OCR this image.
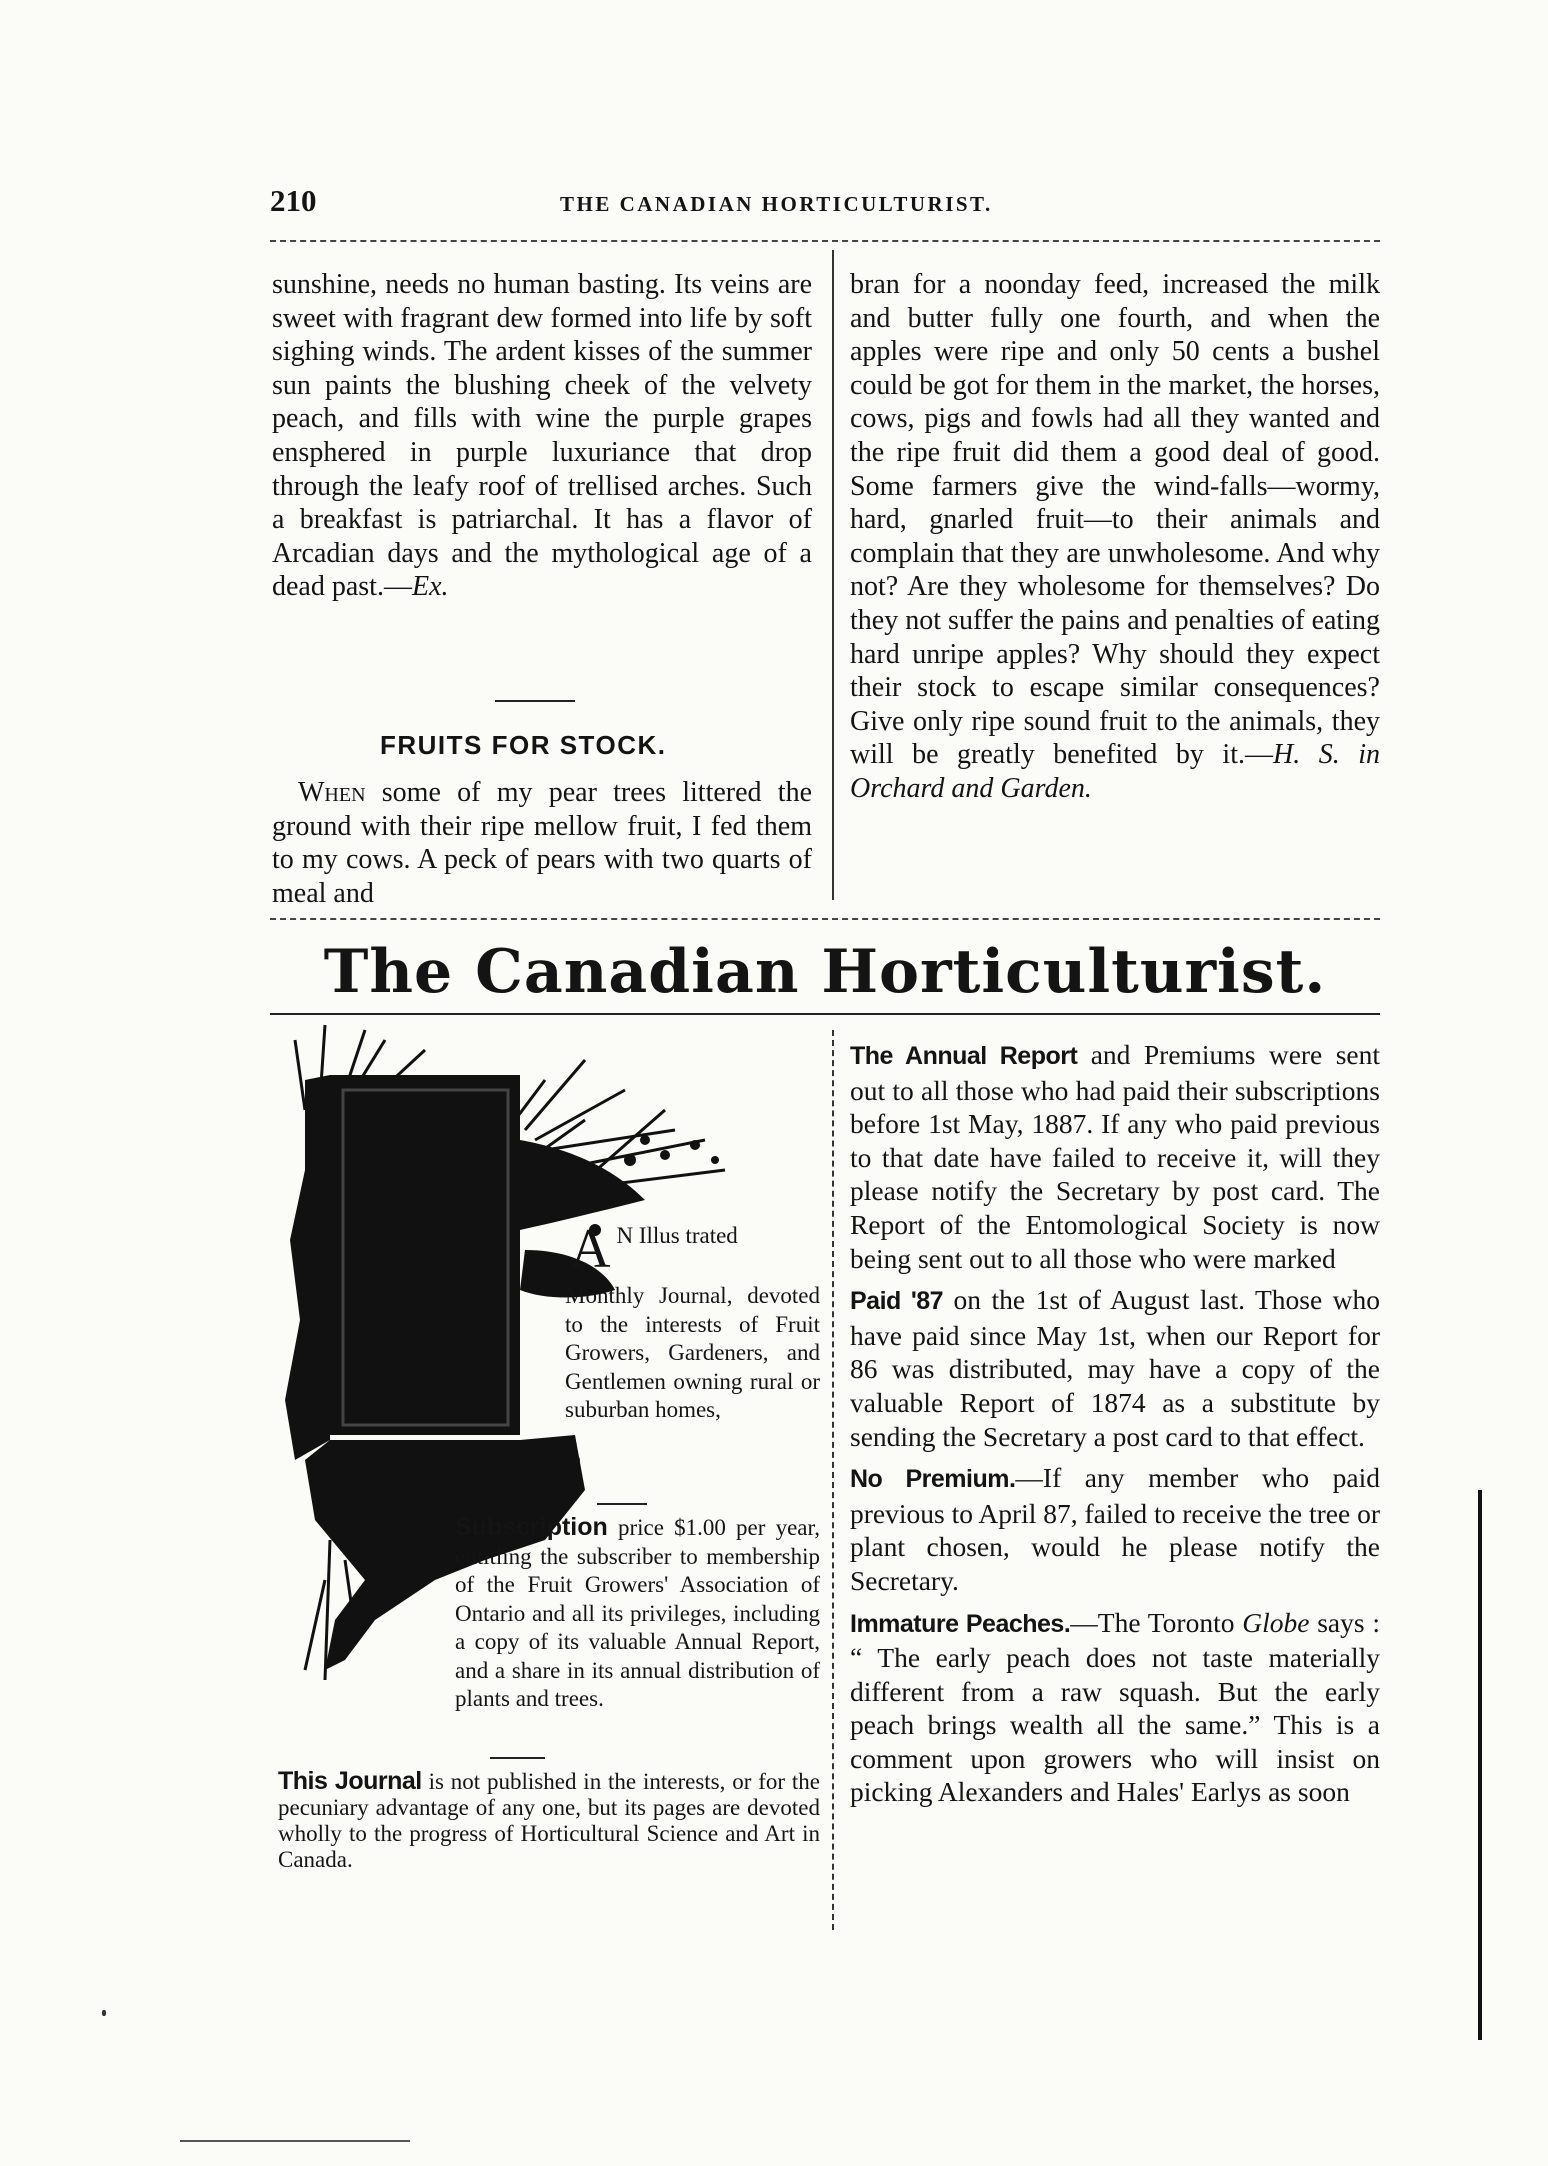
210	THE CANADIAN HORTICULTURIST.

sunshine, needs no human basting. Its veins are sweet with fragrant dew formed into life by soft sighing winds. The ardent kisses of the summer sun paints the blushing cheek of the velvety peach, and fills with wine the purple grapes ensphered in purple luxuriance that drop through the leafy roof of trellised arches. Such a breakfast is patriarchal. It has a flavor of Arcadian days and the mythological age of a dead past.—Ex.

FRUITS FOR STOCK.

When some of my pear trees littered the ground with their ripe mellow fruit, I fed them to my cows. A peck of pears with two quarts of meal and

bran for a noonday feed, increased the milk and butter fully one fourth, and when the apples were ripe and only 50 cents a bushel could be got for them in the market, the horses, cows, pigs and fowls had all they wanted and the ripe fruit did them a good deal of good. Some farmers give the wind-falls—wormy, hard, gnarled fruit—to their animals and complain that they are unwholesome. And why not? Are they wholesome for themselves? Do they not suffer the pains and penalties of eating hard unripe apples? Why should they expect their stock to escape similar consequences? Give only ripe sound fruit to the animals, they will be greatly benefited by it.—H. S. in Orchard and Garden.

The Canadian Horticulturist.
A N Illus trated
Monthly Journal, devoted to the interests of Fruit Growers, Gardeners, and Gentlemen owning rural or suburban homes,
Subscription price $1.00 per year, entitling the subscriber to membership of the Fruit Growers' Association of Ontario and all its privileges, including a copy of its valuable Annual Report, and a share in its annual distribution of plants and trees.
This Journal is not published in the interests, or for the pecuniary advantage of any one, but its pages are devoted wholly to the progress of Horticultural Science and Art in Canada.

The Annual Report and Premiums were sent out to all those who had paid their subscriptions before 1st May, 1887. If any who paid previous to that date have failed to receive it, will they please notify the Secretary by post card. The Report of the Entomological Society is now being sent out to all those who were marked

Paid '87 on the 1st of August last. Those who have paid since May 1st, when our Report for 86 was distributed, may have a copy of the valuable Report of 1874 as a substitute by sending the Secretary a post card to that effect.

No Premium.—If any member who paid previous to April 87, failed to receive the tree or plant chosen, would he please notify the Secretary.

Immature Peaches.—The Toronto Globe says : “ The early peach does not taste materially different from a raw squash. But the early peach brings wealth all the same.” This is a comment upon growers who will insist on picking Alexanders and Hales' Earlys as soon
